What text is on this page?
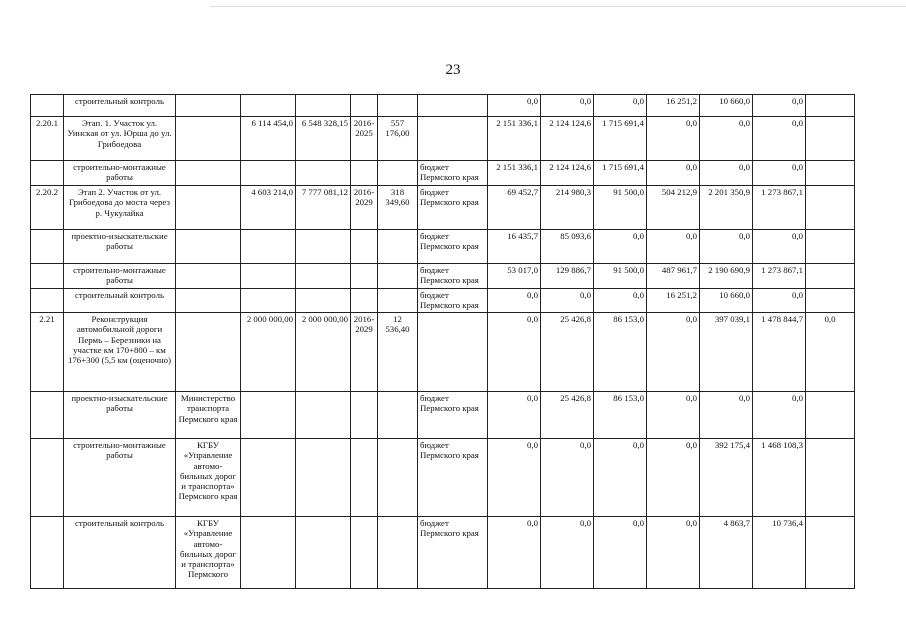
23
	строительный контроль							0,0	0,0	0,0	16 251,2	10 660,0	0,0	
2.20.1	Этап. 1. Участок ул. Уинская от ул. Юрша до ул. Грибоедова		6 114 454,0	6 548 328,15	2016-2025	557 176,00		2 151 336,1	2 124 124,6	1 715 691,4	0,0	0,0	0,0	
	строительно-монтажные работы						бюджет Пермского края	2 151 336,1	2 124 124,6	1 715 691,4	0,0	0,0	0,0	
2.20.2	Этап 2. Участок от ул. Грибоедова до моста через р. Чукулайка		4 603 214,0	7 777 081,12	2016-2029	318 349,60	бюджет Пермского края	69 452,7	214 980,3	91 500,0	504 212,9	2 201 350,9	1 273 867,1	
	проектно-изыскательские работы						бюджет Пермского края	16 435,7	85 093,6	0,0	0,0	0,0	0,0	
	строительно-монтажные работы						бюджет Пермского края	53 017,0	129 886,7	91 500,0	487 961,7	2 190 690,9	1 273 867,1	
	строительный контроль						бюджет Пермского края	0,0	0,0	0,0	16 251,2	10 660,0	0,0	
2.21	Реконструкция автомобильной дороги Пермь – Березники на участке км 170+800 – км 176+300 (5,5 км (оценочно)		2 000 000,00	2 000 000,00	2016-2029	12 536,40		0,0	25 426,8	86 153,0	0,0	397 039,1	1 478 844,7	0,0
	проектно-изыскательские работы	Министерство транспорта Пермского края					бюджет Пермского края	0,0	25 426,8	86 153,0	0,0	0,0	0,0	
	строительно-монтажные работы	КГБУ «Управление автомо-бильных дорог и транспорта» Пермского края					бюджет Пермского края	0,0	0,0	0,0	0,0	392 175,4	1 468 108,3	
	строительный контроль	КГБУ «Управление автомо-бильных дорог и транспорта» Пермского					бюджет Пермского края	0,0	0,0	0,0	0,0	4 863,7	10 736,4	
